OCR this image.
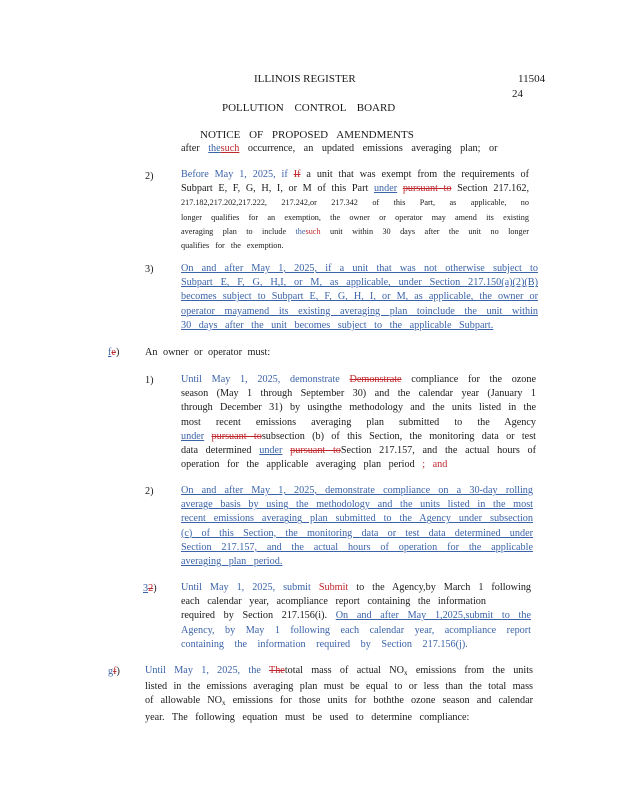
ILLINOIS REGISTER	11504
24
POLLUTION CONTROL BOARD
NOTICE OF PROPOSED AMENDMENTS
after thesuch occurrence, an updated emissions averaging plan; or
2)	Before May 1, 2025, if If a unit that was exempt from the requirements of
Subpart E, F, G, H, I, or M of this Part under pursuant to Section 217.162,
217.182,217.202,217.222, 217.242,or 217.342 of this Part, as applicable, no
longer qualifies for an exemption, the owner or operator may amend its existing
averaging plan to include thesuch unit within 30 days after the unit no longer
qualifies for the exemption.
3)	On and after May 1, 2025, if a unit that was not otherwise subject to
Subpart E, F, G, H,I, or M, as applicable, under Section 217.150(a)(2)(B)
becomes subject to Subpart E, F, G, H, I, or M, as applicable, the owner or
operator mayamend its existing averaging plan toinclude the unit within
30 days after the unit becomes subject to the applicable Subpart.
fe)	An owner or operator must:
1)	Until May 1, 2025, demonstrate Demonstrate compliance for the ozone
season (May 1 through September 30) and the calendar year (January 1
through December 31) by usingthe methodology and the units listed in the
most recent emissions averaging plan submitted to the Agency
under pursuant tosubsection (b) of this Section, the monitoring data or test
data determined under pursuant toSection 217.157, and the actual hours of
operation for the applicable averaging plan period ; and
2)	On and after May 1, 2025, demonstrate compliance on a 30-day rolling
average basis by using the methodology and the units listed in the most
recent emissions averaging plan submitted to the Agency under subsection
(c) of this Section, the monitoring data or test data determined under
Section 217.157, and the actual hours of operation for the applicable
averaging plan period.
32) Until May 1, 2025, submit Submit to the Agency,by March 1 following
each calendar year, acompliance report containing the information
required by Section 217.156(i). On and after May 1,2025,submit to the
Agency, by May 1 following each calendar year, acompliance report
containing the information required by Section 217.156(j).
gf) Until May 1, 2025, the Thetotal mass of actual $NO_x$ emissions from the units
listed in the emissions averaging plan must be equal to or less than the total mass
of allowable $NO_x$ emissions for those units for boththe ozone season and calendar
year. The following equation must be used to determine compliance:
